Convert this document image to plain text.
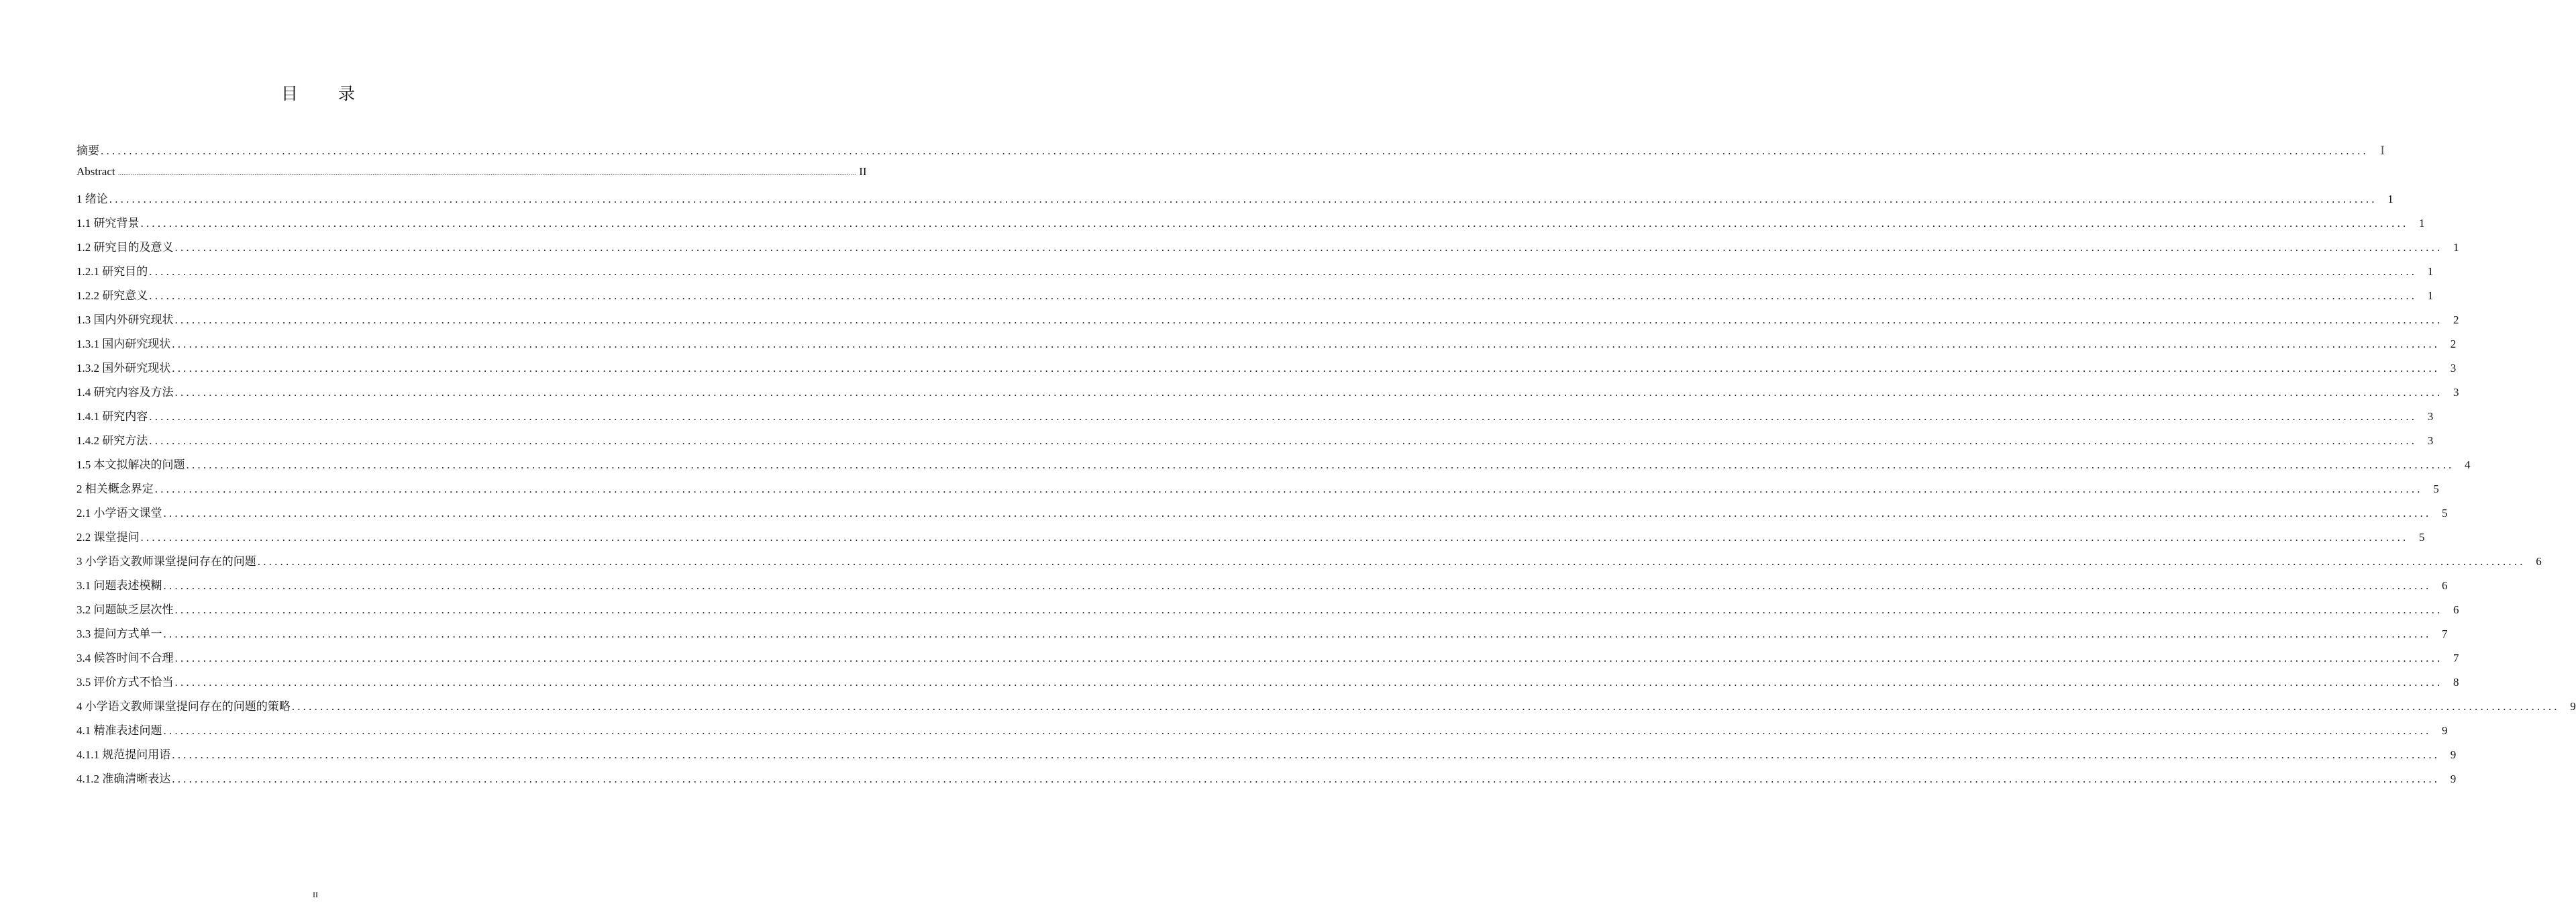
目 录
摘要 ................................................................................................................................................................................................................................................................................................................................................................................................................	Ⅰ
Abstract ................................................................................................................................................................................................................................................................................................................................................................................................................ II
1 绪论 ................................................................................................................................................................................................................................................................................................................................................................................................................ 1
1.1 研究背景 ................................................................................................................................................................................................................................................................................................................................................................................................................ 1
1.2 研究目的及意义 ................................................................................................................................................................................................................................................................................................................................................................................................................ 1
1.2.1 研究目的 ................................................................................................................................................................................................................................................................................................................................................................................................................ 1
1.2.2 研究意义 ................................................................................................................................................................................................................................................................................................................................................................................................................ 1
1.3 国内外研究现状 ................................................................................................................................................................................................................................................................................................................................................................................................................ 2
1.3.1 国内研究现状 ................................................................................................................................................................................................................................................................................................................................................................................................................ 2
1.3.2 国外研究现状 ................................................................................................................................................................................................................................................................................................................................................................................................................ 3
1.4 研究内容及方法 ................................................................................................................................................................................................................................................................................................................................................................................................................ 3
1.4.1 研究内容 ................................................................................................................................................................................................................................................................................................................................................................................................................ 3
1.4.2 研究方法 ................................................................................................................................................................................................................................................................................................................................................................................................................ 3
1.5 本文拟解决的问题 ................................................................................................................................................................................................................................................................................................................................................................................................................ 4
2 相关概念界定 ................................................................................................................................................................................................................................................................................................................................................................................................................ 5
2.1 小学语文课堂 ................................................................................................................................................................................................................................................................................................................................................................................................................ 5
2.2 课堂提问 ................................................................................................................................................................................................................................................................................................................................................................................................................ 5
3 小学语文教师课堂提问存在的问题 ................................................................................................................................................................................................................................................................................................................................................................................................................ 6
3.1 问题表述模糊 ................................................................................................................................................................................................................................................................................................................................................................................................................ 6
3.2 问题缺乏层次性 ................................................................................................................................................................................................................................................................................................................................................................................................................ 6
3.3 提问方式单一 ................................................................................................................................................................................................................................................................................................................................................................................................................ 7
3.4 候答时间不合理 ................................................................................................................................................................................................................................................................................................................................................................................................................ 7
3.5 评价方式不恰当 ................................................................................................................................................................................................................................................................................................................................................................................................................ 8
4 小学语文教师课堂提问存在的问题的策略 ................................................................................................................................................................................................................................................................................................................................................................................................................ 9
4.1 精准表述问题 ................................................................................................................................................................................................................................................................................................................................................................................................................ 9
4.1.1 规范提问用语 ................................................................................................................................................................................................................................................................................................................................................................................................................ 9
4.1.2 准确清晰表达 ................................................................................................................................................................................................................................................................................................................................................................................................................ 9
II
